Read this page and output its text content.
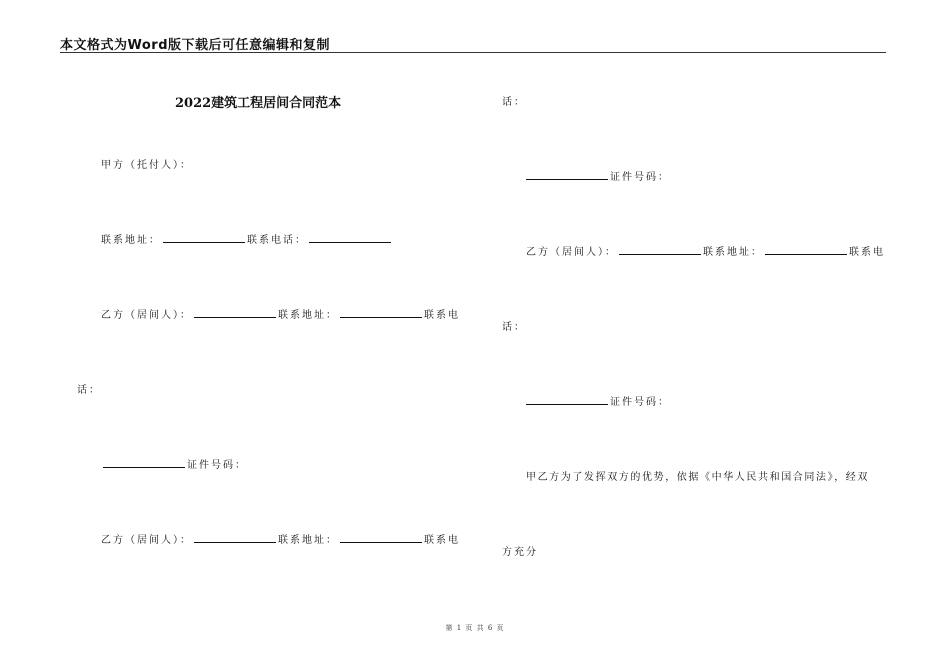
本文格式为Word版下载后可任意编辑和复制
2022建筑工程居间合同范本
甲方（托付人）：
联系地址：	联系电话：
乙方（居间人）：	联系地址：	联系电
话：
证件号码：
乙方（居间人）：	联系地址：	联系电
话：
证件号码：
乙方（居间人）：	联系地址：	联系电
话：
证件号码：
甲乙方为了发挥双方的优势，依据《中华人民共和国合同法》，经双
方充分
第 1 页 共 6 页
